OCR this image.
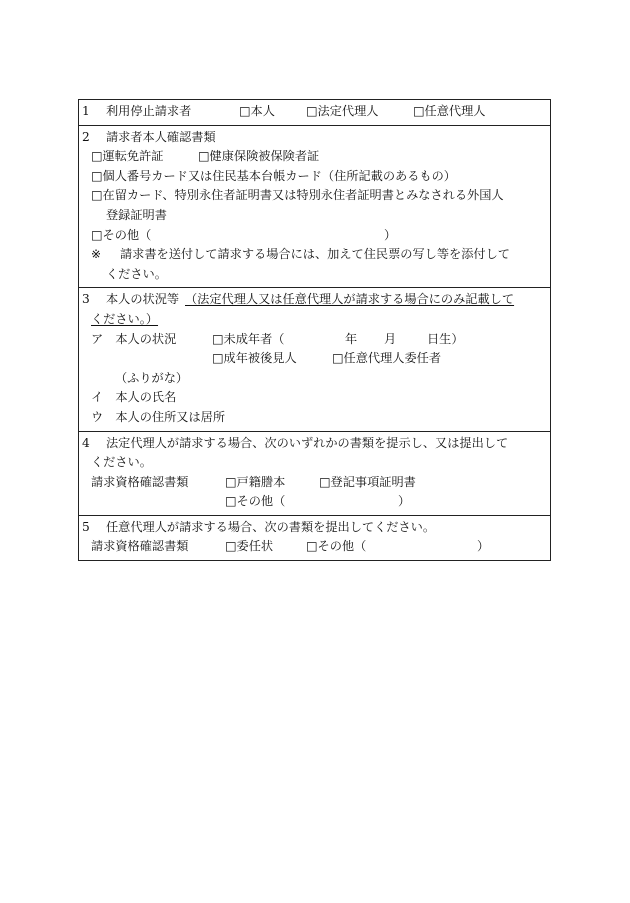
1 利用停止請求者	□本人	□法定代理人	□任意代理人
2 請求者本人確認書類
□運転免許証	□健康保険被保険者証
□個人番号カード又は住民基本台帳カード（住所記載のあるもの）
□在留カード、特別永住者証明書又は特別永住者証明書とみなされる外国人
登録証明書
□その他（	）
※ 請求書を送付して請求する場合には、加えて住民票の写し等を添付して
ください。
3 本人の状況等 （法定代理人又は任意代理人が請求する場合にのみ記載して
ください。）
ア　本人の状況	□未成年者（	年 月	日生）
□成年被後見人	□任意代理人委任者
（ふりがな）
イ　本人の氏名
ウ　本人の住所又は居所
4 法定代理人が請求する場合、次のいずれかの書類を提示し、又は提出して
ください。
請求資格確認書類	□戸籍謄本	□登記事項証明書
□その他（	）
5 任意代理人が請求する場合、次の書類を提出してください。
請求資格確認書類	□委任状	□その他（	）
